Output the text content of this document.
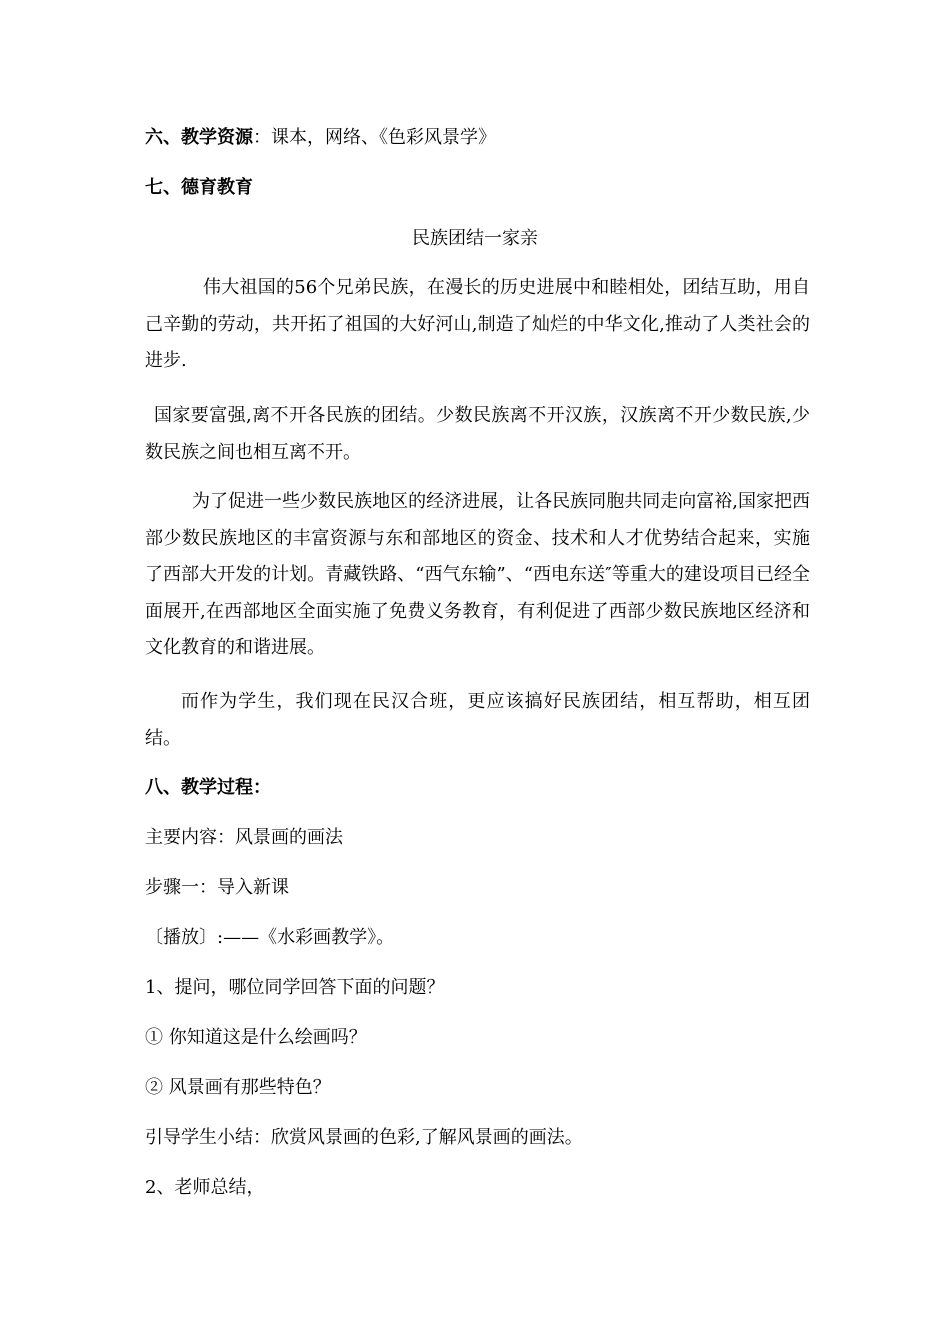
六、教学资源：课本，网络、《色彩风景学》
七、德育教育
民族团结一家亲
伟大祖国的56个兄弟民族，在漫长的历史进展中和睦相处，团结互助，用自己辛勤的劳动，共开拓了祖国的大好河山,制造了灿烂的中华文化,推动了人类社会的进步.
国家要富强,离不开各民族的团结。少数民族离不开汉族，汉族离不开少数民族,少数民族之间也相互离不开。
为了促进一些少数民族地区的经济进展，让各民族同胞共同走向富裕,国家把西部少数民族地区的丰富资源与东和部地区的资金、技术和人才优势结合起来，实施了西部大开发的计划。青藏铁路、“西气东输”、“西电东送″等重大的建设项目已经全面展开,在西部地区全面实施了免费义务教育，有利促进了西部少数民族地区经济和文化教育的和谐进展。
而作为学生，我们现在民汉合班，更应该搞好民族团结，相互帮助，相互团结。
八、教学过程：
主要内容：风景画的画法
步骤一：导入新课
〔播放〕:——《水彩画教学》。
1、提问，哪位同学回答下面的问题？
① 你知道这是什么绘画吗？
② 风景画有那些特色？
引导学生小结：欣赏风景画的色彩,了解风景画的画法。
2、老师总结，
